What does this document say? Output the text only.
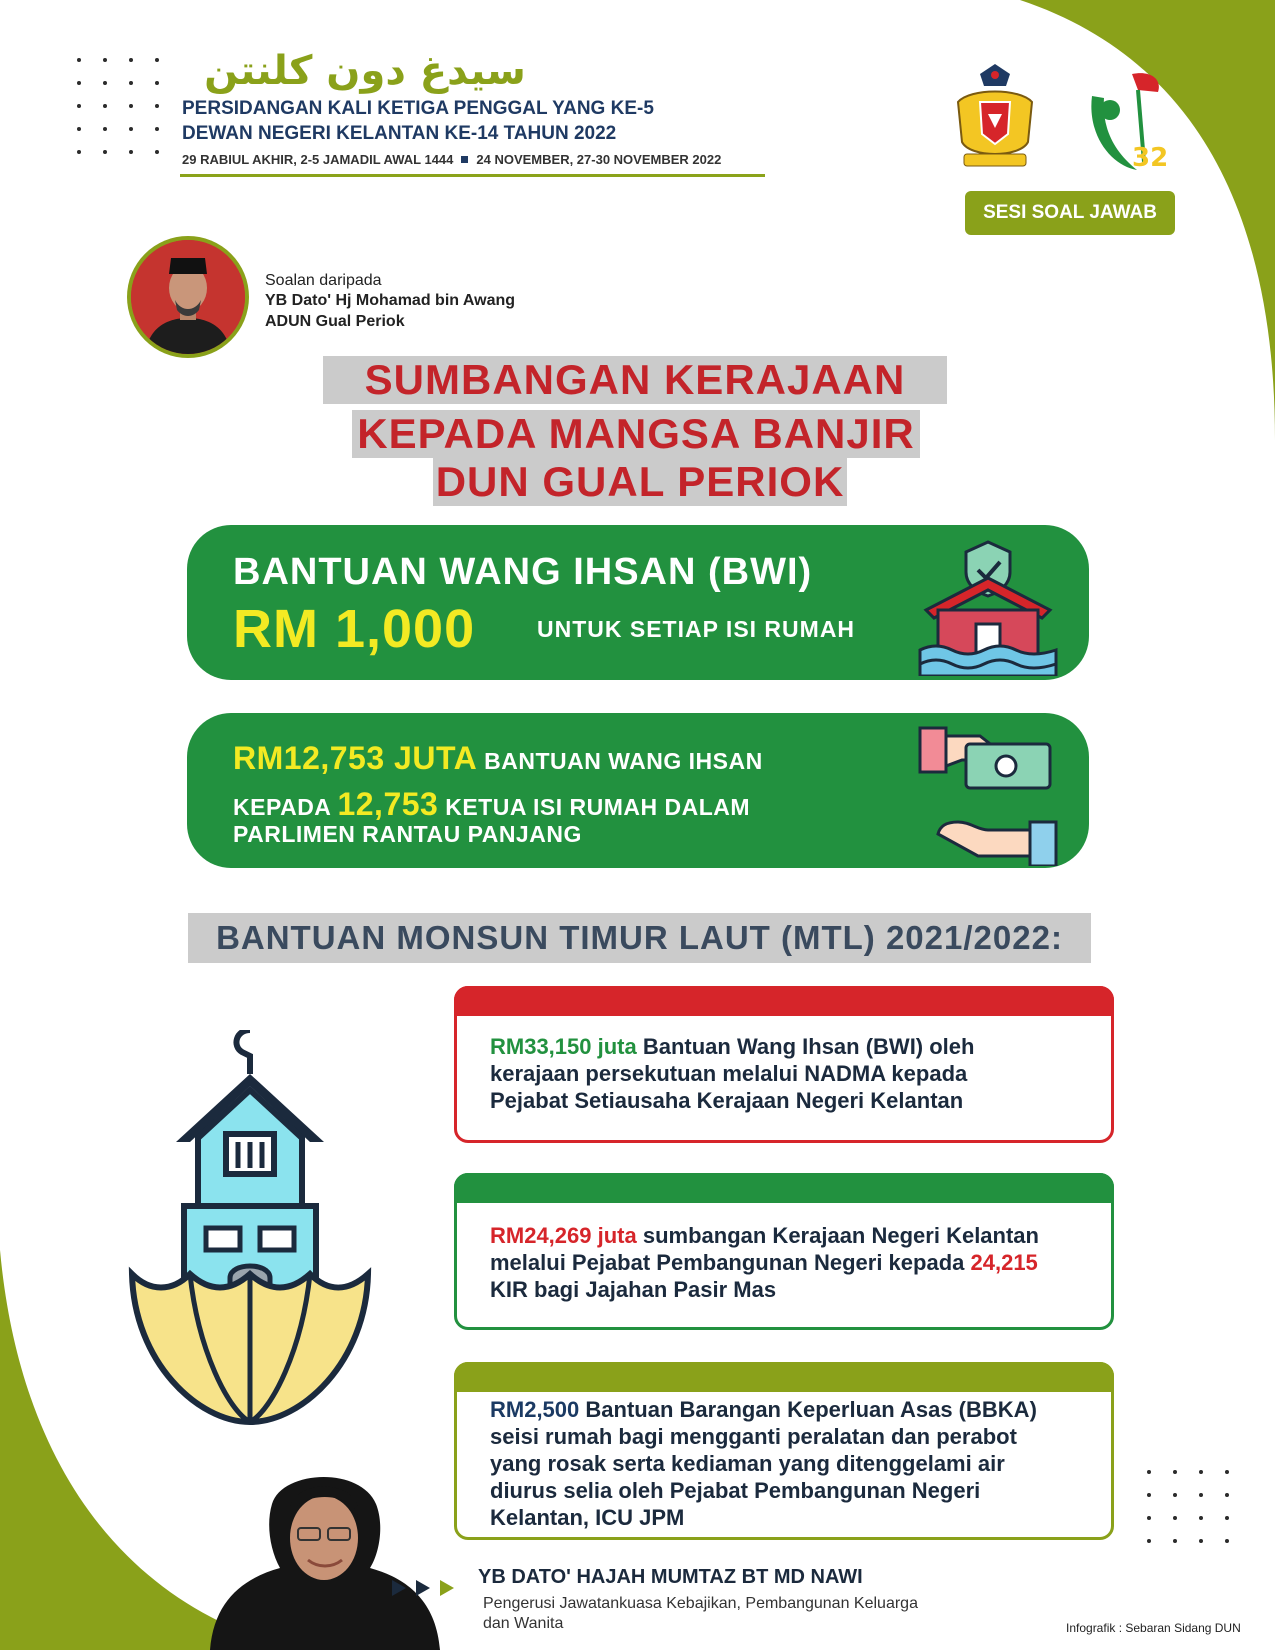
سيدغ دون كلنتن
PERSIDANGAN KALI KETIGA PENGGAL YANG KE-5
DEWAN NEGERI KELANTAN KE-14 TAHUN 2022
29 RABIUL AKHIR, 2-5 JAMADIL AWAL 1444 24 NOVEMBER, 27-30 NOVEMBER 2022	32
SESI SOAL JAWAB
Soalan daripada
YB Dato' Hj Mohamad bin Awang
ADUN Gual Periok
SUMBANGAN KERAJAAN
KEPADA MANGSA BANJIR
DUN GUAL PERIOK
BANTUAN WANG IHSAN (BWI)
RM 1,000	UNTUK SETIAP ISI RUMAH
RM12,753 JUTA BANTUAN WANG IHSAN
KEPADA 12,753 KETUA ISI RUMAH DALAM
PARLIMEN RANTAU PANJANG
BANTUAN MONSUN TIMUR LAUT (MTL) 2021/2022:
RM33,150 juta Bantuan Wang Ihsan (BWI) oleh
kerajaan persekutuan melalui NADMA kepada
Pejabat Setiausaha Kerajaan Negeri Kelantan
RM24,269 juta sumbangan Kerajaan Negeri Kelantan
melalui Pejabat Pembangunan Negeri kepada 24,215
KIR bagi Jajahan Pasir Mas
RM2,500 Bantuan Barangan Keperluan Asas (BBKA)
seisi rumah bagi mengganti peralatan dan perabot
yang rosak serta kediaman yang ditenggelami air
diurus selia oleh Pejabat Pembangunan Negeri
Kelantan, ICU JPM
YB DATO' HAJAH MUMTAZ BT MD NAWI
Pengerusi Jawatankuasa Kebajikan, Pembangunan Keluarga
dan Wanita	Infografik : Sebaran Sidang DUN
